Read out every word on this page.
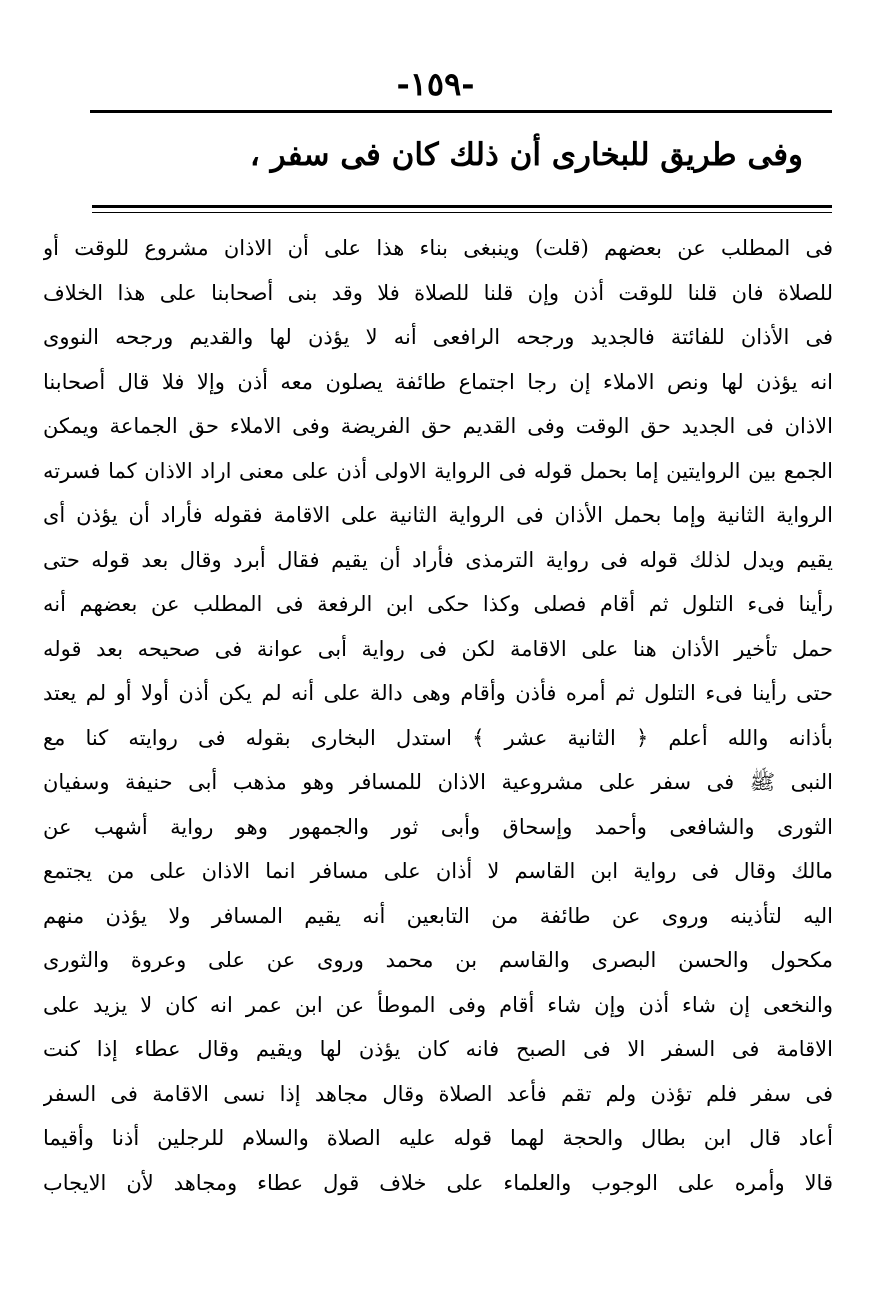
-١٥٩-
وفى طريق للبخارى أن ذلك كان فى سفر ،
فى المطلب عن بعضهم (قلت) وينبغى بناء هذا على أن الاذان مشروع للوقت أو
للصلاة فان قلنا للوقت أذن وإن قلنا للصلاة فلا وقد بنى أصحابنا على هذا الخلاف
فى الأذان للفائتة فالجديد ورجحه الرافعى أنه لا يؤذن لها والقديم ورجحه النووى
انه يؤذن لها ونص الاملاء إن رجا اجتماع طائفة يصلون معه أذن وإلا فلا قال أصحابنا
الاذان فى الجديد حق الوقت وفى القديم حق الفريضة وفى الاملاء حق الجماعة ويمكن
الجمع بين الروايتين إما بحمل قوله فى الرواية الاولى أذن على معنى اراد الاذان كما فسرته
الرواية الثانية وإما بحمل الأذان فى الرواية الثانية على الاقامة فقوله فأراد أن يؤذن أى
يقيم ويدل لذلك قوله فى رواية الترمذى فأراد أن يقيم فقال أبرد وقال بعد قوله حتى
رأينا فىء التلول ثم أقام فصلى وكذا حكى ابن الرفعة فى المطلب عن بعضهم أنه
حمل تأخير الأذان هنا على الاقامة لكن فى رواية أبى عوانة فى صحيحه بعد قوله
حتى رأينا فىء التلول ثم أمره فأذن وأقام وهى دالة على أنه لم يكن أذن أولا أو لم يعتد
بأذانه والله أعلم ﴿ الثانية عشر ﴾ استدل البخارى بقوله فى روايته كنا مع
النبى ﷺ فى سفر على مشروعية الاذان للمسافر وهو مذهب أبى حنيفة وسفيان
الثورى والشافعى وأحمد وإسحاق وأبى ثور والجمهور وهو رواية أشهب عن
مالك وقال فى رواية ابن القاسم لا أذان على مسافر انما الاذان على من يجتمع
اليه لتأذينه وروى عن طائفة من التابعين أنه يقيم المسافر ولا يؤذن منهم
مكحول والحسن البصرى والقاسم بن محمد وروى عن على وعروة والثورى
والنخعى إن شاء أذن وإن شاء أقام وفى الموطأ عن ابن عمر انه كان لا يزيد على
الاقامة فى السفر الا فى الصبح فانه كان يؤذن لها ويقيم وقال عطاء إذا كنت
فى سفر فلم تؤذن ولم تقم فأعد الصلاة وقال مجاهد إذا نسى الاقامة فى السفر
أعاد قال ابن بطال والحجة لهما قوله عليه الصلاة والسلام للرجلين أذنا وأقيما
قالا وأمره على الوجوب والعلماء على خلاف قول عطاء ومجاهد لأن الايجاب
